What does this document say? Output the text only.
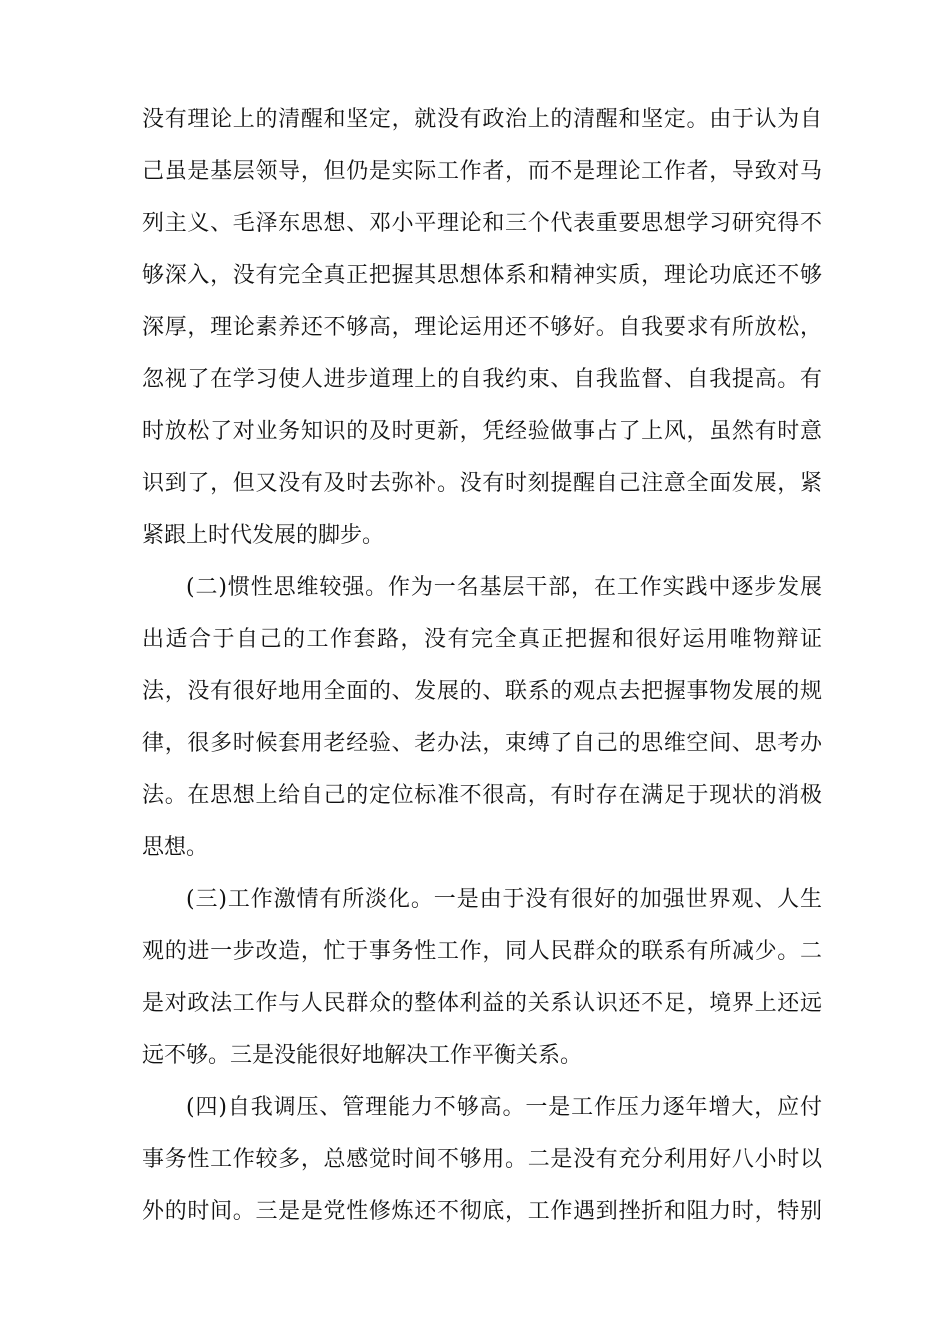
没有理论上的清醒和坚定，就没有政治上的清醒和坚定。由于认为自
己虽是基层领导，但仍是实际工作者，而不是理论工作者，导致对马
列主义、毛泽东思想、邓小平理论和三个代表重要思想学习研究得不
够深入，没有完全真正把握其思想体系和精神实质，理论功底还不够
深厚，理论素养还不够高，理论运用还不够好。自我要求有所放松，
忽视了在学习使人进步道理上的自我约束、自我监督、自我提高。有
时放松了对业务知识的及时更新，凭经验做事占了上风，虽然有时意
识到了，但又没有及时去弥补。没有时刻提醒自己注意全面发展，紧
紧跟上时代发展的脚步。
(二)惯性思维较强。作为一名基层干部，在工作实践中逐步发展
出适合于自己的工作套路，没有完全真正把握和很好运用唯物辩证
法，没有很好地用全面的、发展的、联系的观点去把握事物发展的规
律，很多时候套用老经验、老办法，束缚了自己的思维空间、思考办
法。在思想上给自己的定位标准不很高，有时存在满足于现状的消极
思想。
(三)工作激情有所淡化。一是由于没有很好的加强世界观、人生
观的进一步改造，忙于事务性工作，同人民群众的联系有所减少。二
是对政法工作与人民群众的整体利益的关系认识还不足，境界上还远
远不够。三是没能很好地解决工作平衡关系。
(四)自我调压、管理能力不够高。一是工作压力逐年增大，应付
事务性工作较多，总感觉时间不够用。二是没有充分利用好八小时以
外的时间。三是是党性修炼还不彻底，工作遇到挫折和阻力时，特别
